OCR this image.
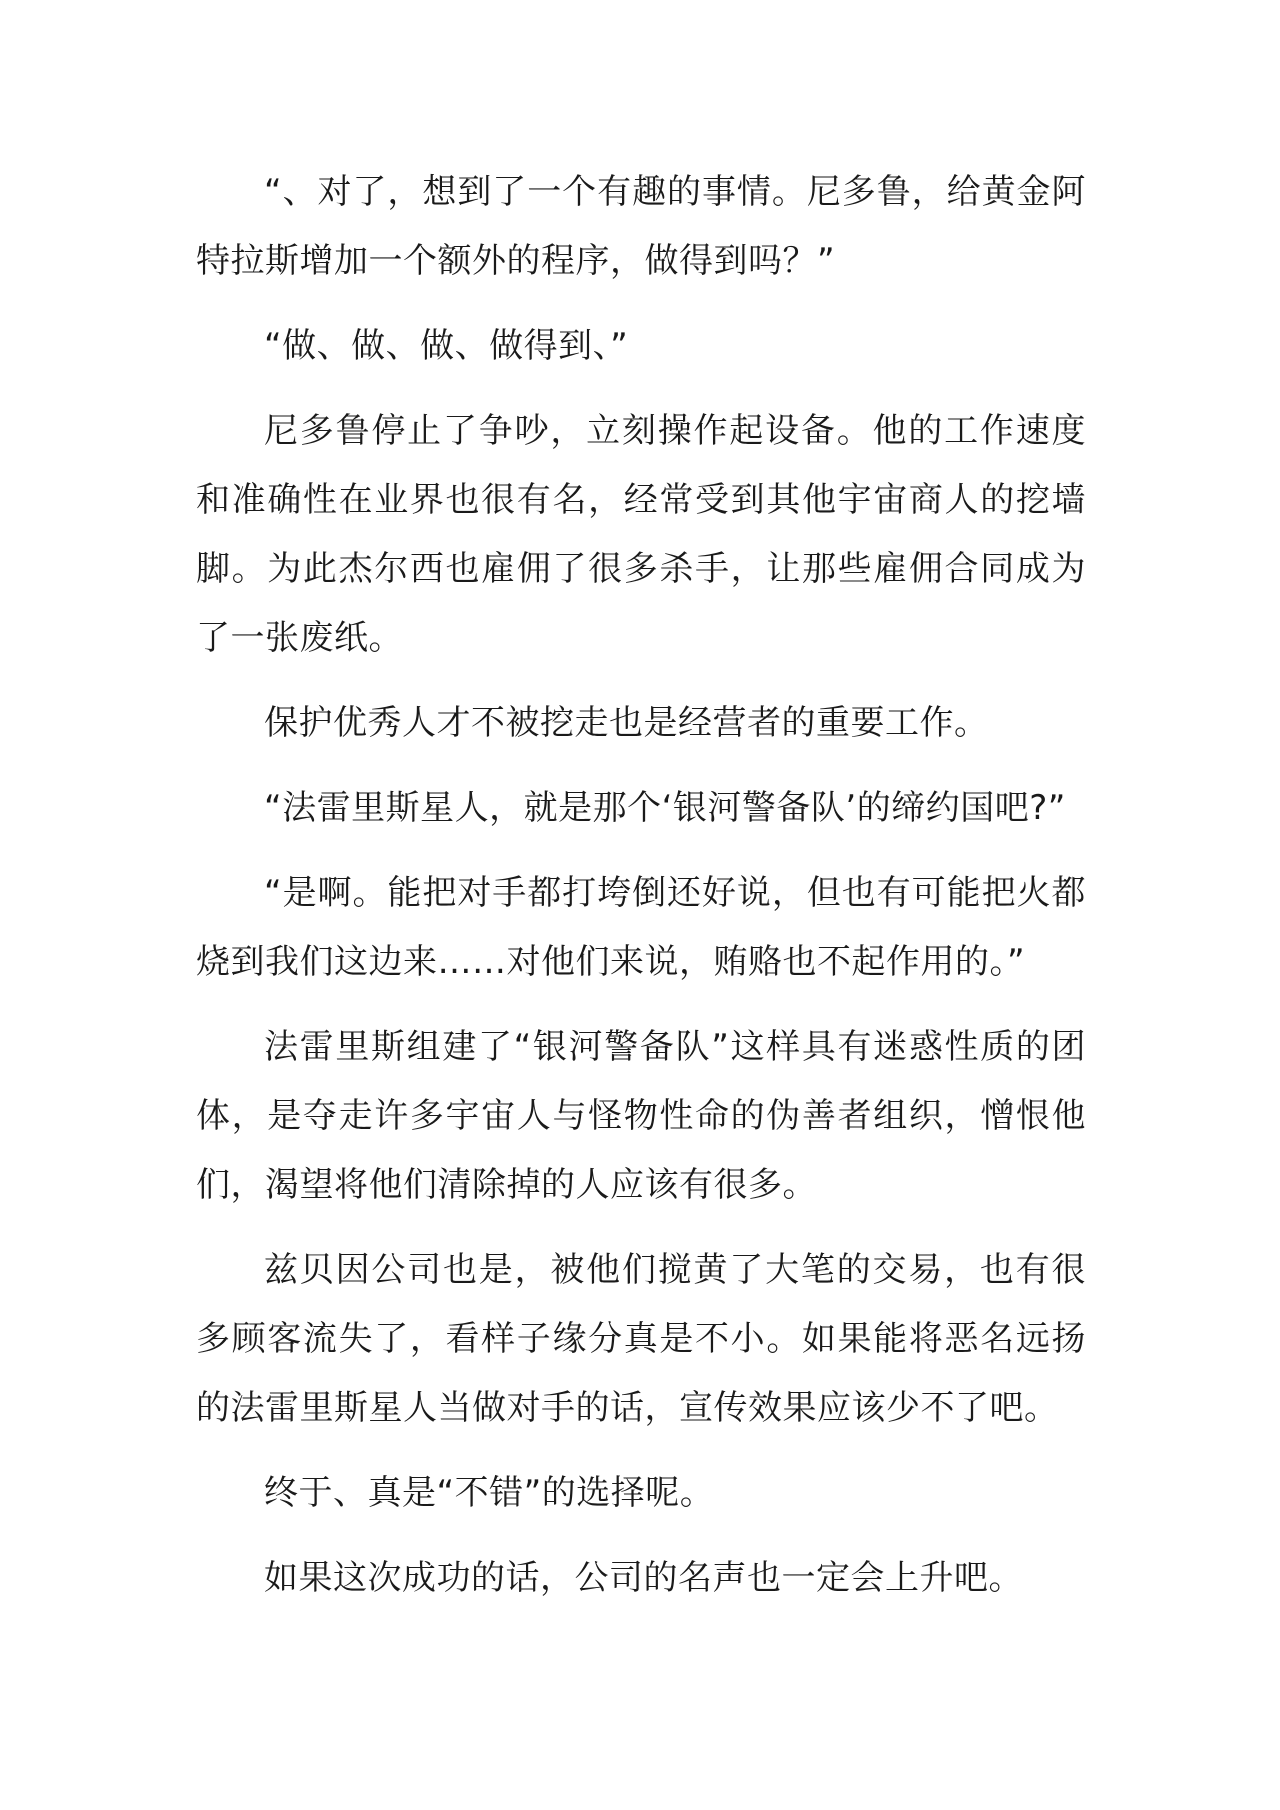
“、对了，想到了一个有趣的事情。尼多鲁，给黄金阿特拉斯增加一个额外的程序，做得到吗？”

“做、做、做、做得到、”

尼多鲁停止了争吵，立刻操作起设备。他的工作速度和准确性在业界也很有名，经常受到其他宇宙商人的挖墙脚。为此杰尔西也雇佣了很多杀手，让那些雇佣合同成为了一张废纸。

保护优秀人才不被挖走也是经营者的重要工作。

“法雷里斯星人，就是那个‘银河警备队’的缔约国吧?”

“是啊。能把对手都打垮倒还好说，但也有可能把火都烧到我们这边来……对他们来说，贿赂也不起作用的。”

法雷里斯组建了“银河警备队”这样具有迷惑性质的团体，是夺走许多宇宙人与怪物性命的伪善者组织，憎恨他们，渴望将他们清除掉的人应该有很多。

兹贝因公司也是，被他们搅黄了大笔的交易，也有很多顾客流失了，看样子缘分真是不小。如果能将恶名远扬的法雷里斯星人当做对手的话，宣传效果应该少不了吧。

终于、真是“不错”的选择呢。

如果这次成功的话，公司的名声也一定会上升吧。
